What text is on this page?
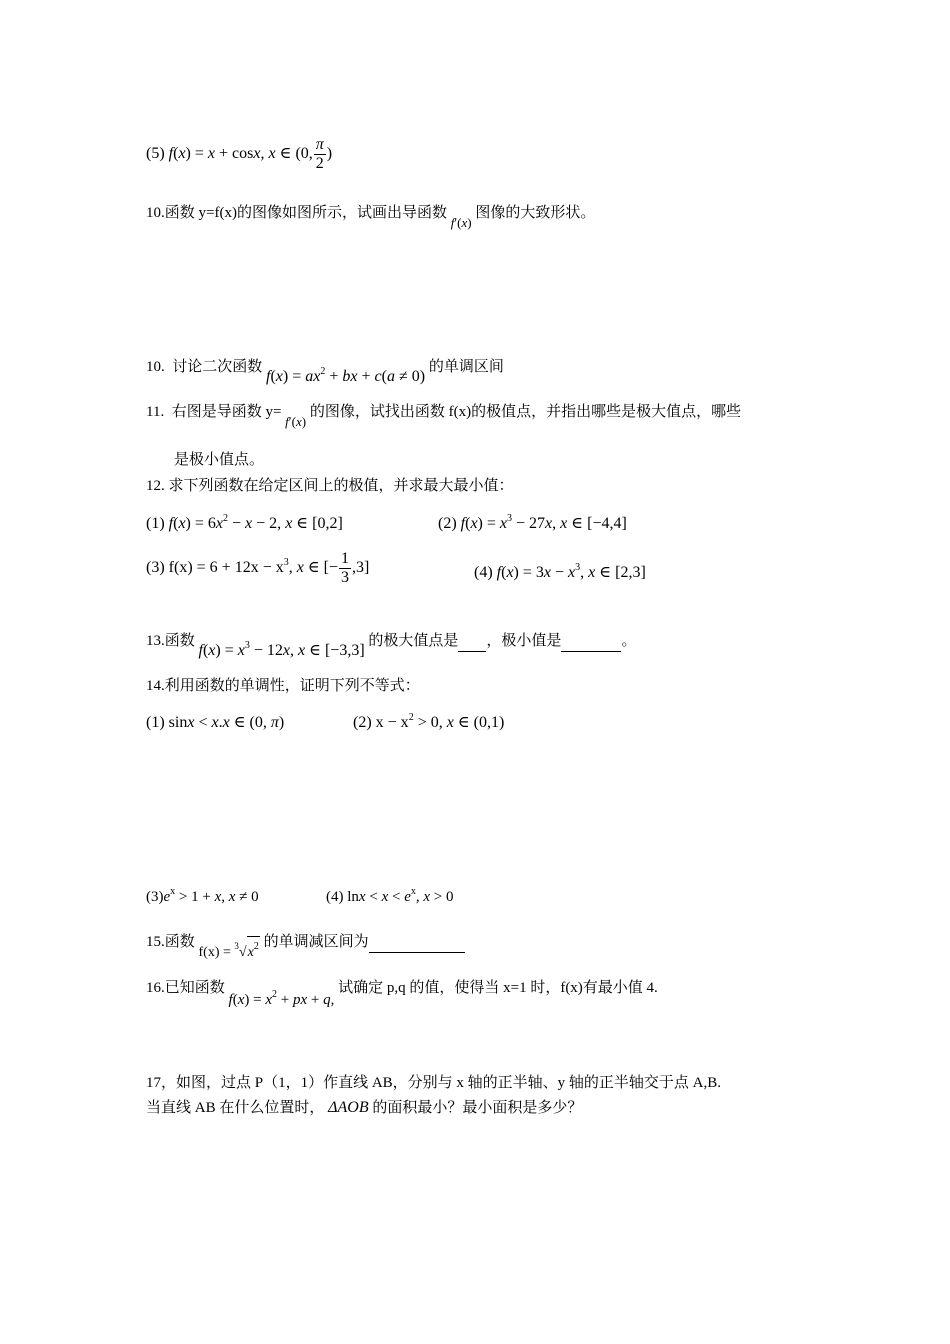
(5) f(x) = x + cosx, x ∈ (0, $\frac{\pi}{2}$ )
10.函数 y=f(x)的图像如图所示，试画出导函数 f′(x) 图像的大致形状。
10. 讨论二次函数 $f(x) = ax^2$ + bx + c(a ≠ 0) 的单调区间
11. 右图是导函数 y= f′(x) 的图像，试找出函数 f(x)的极值点，并指出哪些是极大值点，哪些
是极小值点。
12. 求下列函数在给定区间上的极值，并求最大最小值：
(1) $f(x) = 6x^2 - x - 2$, x ∈ [0,2]	(2) $f(x) = x^3 - 27x$, x ∈ [−4,4]
(3) $f(x) = 6 + 12x - x^3$, x ∈ [− $\frac{1}{3} ,3$]	(4) $f(x) = 3x - x^3$, x ∈ [2,3]
13.函数 $f(x) = x^3 - 12x$, x ∈ [−3,3] 的极大值点是 ，极小值是	。
14.利用函数的单调性，证明下列不等式：
(1) sinx < x.x ∈ (0, π)	(2) $x - x^2 > 0$, x ∈ (0,1)
$(3)e^x > 1 + x$, x ≠ 0	(4) $\ln x < x < e^x$, x > 0
15.函数 $f(x) = ^3√x^2$ 的单调减区间为
16.已知函数 $f(x) = x^2$ + px + q, 试确定 p,q 的值，使得当 x=1 时，f(x)有最小值 4.
17，如图，过点 P（1，1）作直线 AB，分别与 x 轴的正半轴、y 轴的正半轴交于点 A,B.
当直线 AB 在什么位置时， ΔAOB 的面积最小？最小面积是多少？
